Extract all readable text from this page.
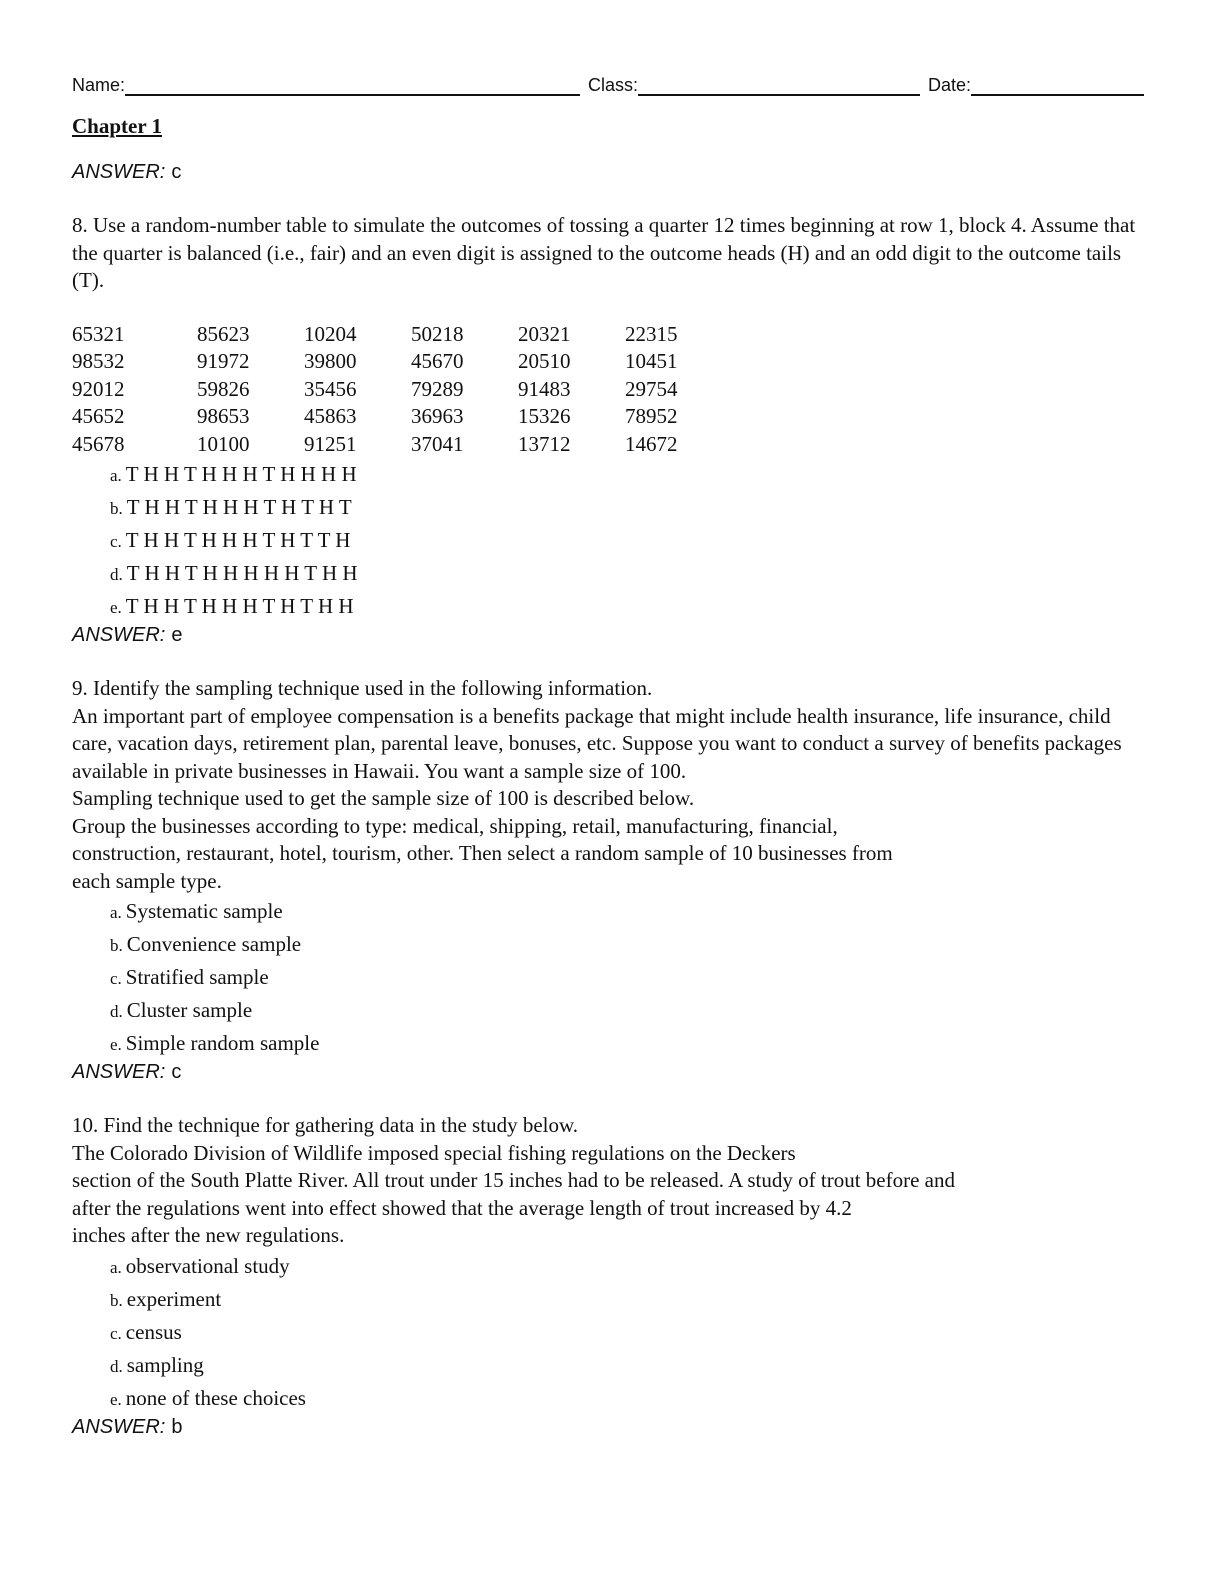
Name:	Class:	Date:
Chapter 1
ANSWER: c
8. Use a random-number table to simulate the outcomes of tossing a quarter 12 times beginning at row 1, block 4. Assume that the quarter is balanced (i.e., fair) and an even digit is assigned to the outcome heads (H) and an odd digit to the outcome tails (T).
65321	85623	10204	50218	20321	22315
98532	91972	39800	45670	20510	10451
92012	59826	35456	79289	91483	29754
45652	98653	45863	36963	15326	78952
45678	10100	91251	37041	13712	14672
a. T H H T H H H T H H H H
b. T H H T H H H T H T H T
c. T H H T H H H T H T T H
d. T H H T H H H H H T H H
e. T H H T H H H T H T H H
ANSWER: e
9. Identify the sampling technique used in the following information.
An important part of employee compensation is a benefits package that might include health insurance, life insurance, child care, vacation days, retirement plan, parental leave, bonuses, etc. Suppose you want to conduct a survey of benefits packages available in private businesses in Hawaii. You want a sample size of 100.
Sampling technique used to get the sample size of 100 is described below.
Group the businesses according to type: medical, shipping, retail, manufacturing, financial,
construction, restaurant, hotel, tourism, other. Then select a random sample of 10 businesses from
each sample type.
a. Systematic sample
b. Convenience sample
c. Stratified sample
d. Cluster sample
e. Simple random sample
ANSWER: c
10. Find the technique for gathering data in the study below.
The Colorado Division of Wildlife imposed special fishing regulations on the Deckers
section of the South Platte River. All trout under 15 inches had to be released. A study of trout before and
after the regulations went into effect showed that the average length of trout increased by 4.2
inches after the new regulations.
a. observational study
b. experiment
c. census
d. sampling
e. none of these choices
ANSWER: b
